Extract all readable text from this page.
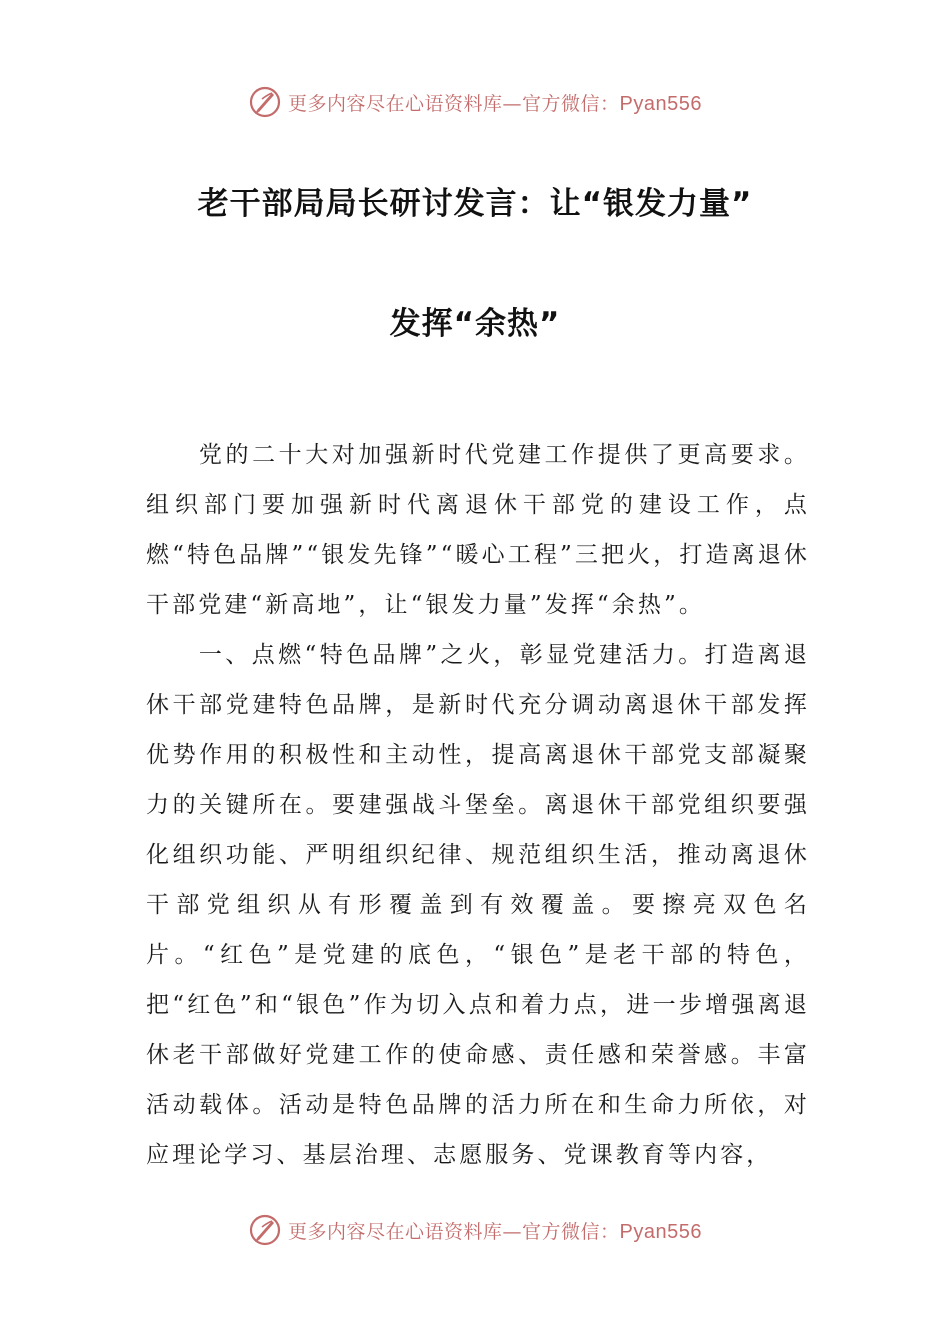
更多内容尽在心语资料库—官方微信：Pyan556
老干部局局长研讨发言：让“银发力量”
发挥“余热”

党的二十大对加强新时代党建工作提供了更高要求。组织部门要加强新时代离退休干部党的建设工作，点燃“特色品牌”“银发先锋”“暖心工程”三把火，打造离退休干部党建“新高地”，让“银发力量”发挥“余热”。

一、点燃“特色品牌”之火，彰显党建活力。打造离退休干部党建特色品牌，是新时代充分调动离退休干部发挥优势作用的积极性和主动性，提高离退休干部党支部凝聚力的关键所在。要建强战斗堡垒。离退休干部党组织要强化组织功能、严明组织纪律、规范组织生活，推动离退休干部党组织从有形覆盖到有效覆盖。要擦亮双色名片。“红色”是党建的底色，“银色”是老干部的特色，把“红色”和“银色”作为切入点和着力点，进一步增强离退休老干部做好党建工作的使命感、责任感和荣誉感。丰富活动载体。活动是特色品牌的活力所在和生命力所依，对应理论学习、基层治理、志愿服务、党课教育等内容，

更多内容尽在心语资料库—官方微信：Pyan556
